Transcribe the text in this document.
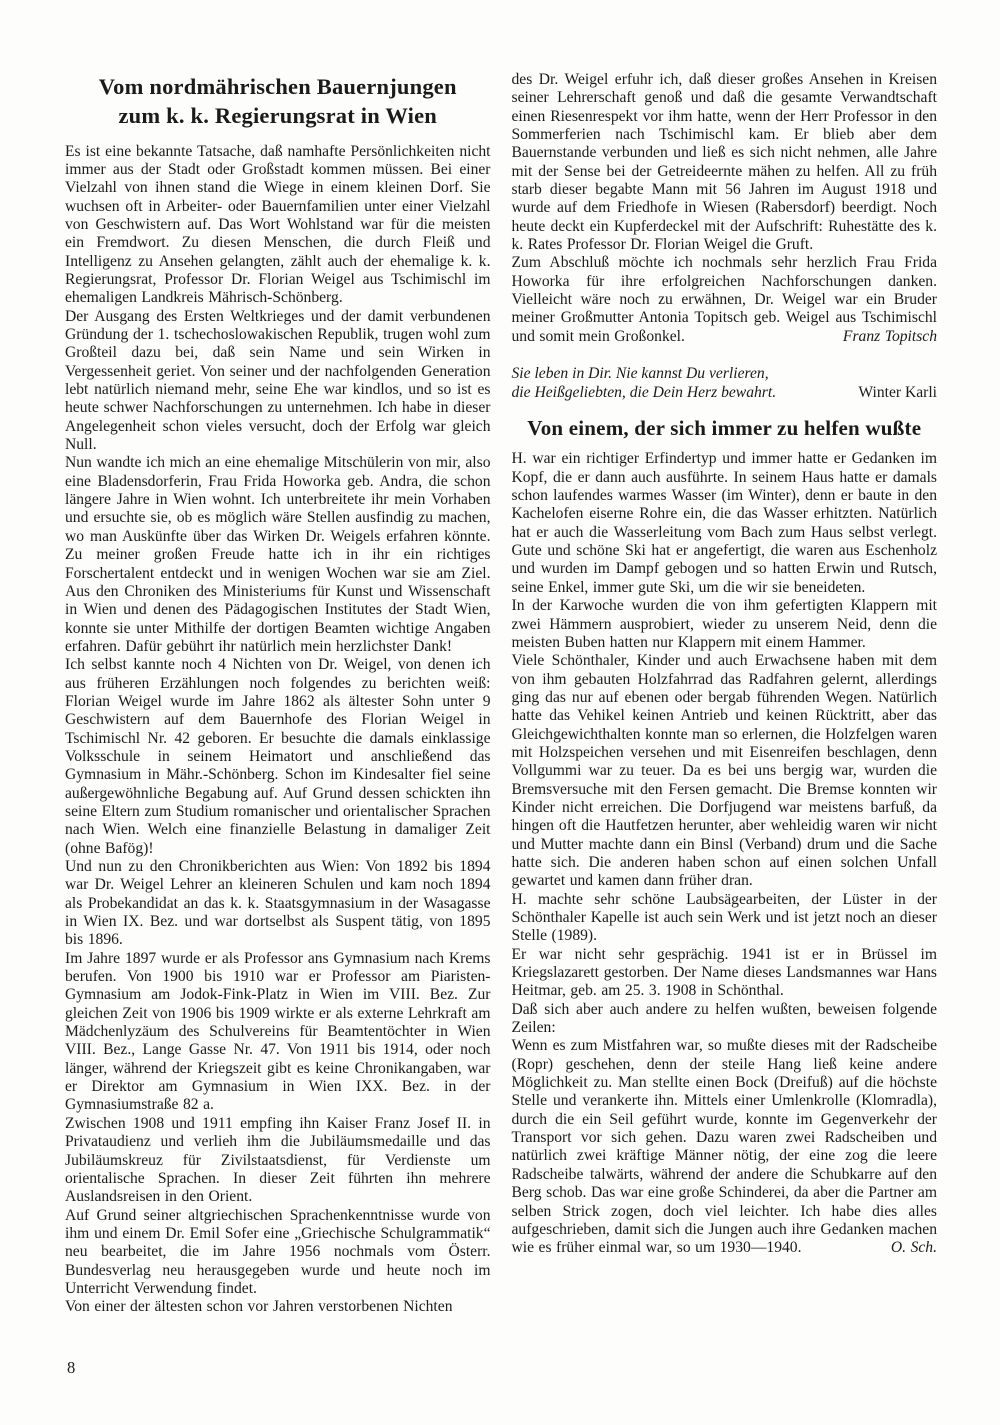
Vom nordmährischen Bauernjungen
zum k. k. Regierungsrat in Wien

Es ist eine bekannte Tatsache, daß namhafte Persönlichkeiten nicht immer aus der Stadt oder Großstadt kommen müssen. Bei einer Vielzahl von ihnen stand die Wiege in einem kleinen Dorf. Sie wuchsen oft in Arbeiter- oder Bauernfamilien unter einer Vielzahl von Geschwistern auf. Das Wort Wohlstand war für die meisten ein Fremdwort. Zu diesen Menschen, die durch Fleiß und Intelligenz zu Ansehen gelangten, zählt auch der ehemalige k. k. Regierungsrat, Professor Dr. Florian Weigel aus Tschimischl im ehemaligen Landkreis Mährisch-Schönberg.

Der Ausgang des Ersten Weltkrieges und der damit verbundenen Gründung der 1. tschechoslowakischen Republik, trugen wohl zum Großteil dazu bei, daß sein Name und sein Wirken in Vergessenheit geriet. Von seiner und der nachfolgenden Generation lebt natürlich niemand mehr, seine Ehe war kindlos, und so ist es heute schwer Nachforschungen zu unternehmen. Ich habe in dieser Angelegenheit schon vieles versucht, doch der Erfolg war gleich Null.

Nun wandte ich mich an eine ehemalige Mitschülerin von mir, also eine Bladensdorferin, Frau Frida Howorka geb. Andra, die schon längere Jahre in Wien wohnt. Ich unterbreitete ihr mein Vorhaben und ersuchte sie, ob es möglich wäre Stellen ausfindig zu machen, wo man Auskünfte über das Wirken Dr. Weigels erfahren könnte. Zu meiner großen Freude hatte ich in ihr ein richtiges Forschertalent entdeckt und in wenigen Wochen war sie am Ziel. Aus den Chroniken des Ministeriums für Kunst und Wissenschaft in Wien und denen des Pädagogischen Institutes der Stadt Wien, konnte sie unter Mithilfe der dortigen Beamten wichtige Angaben erfahren. Dafür gebührt ihr natürlich mein herzlichster Dank!

Ich selbst kannte noch 4 Nichten von Dr. Weigel, von denen ich aus früheren Erzählungen noch folgendes zu berichten weiß: Florian Weigel wurde im Jahre 1862 als ältester Sohn unter 9 Geschwistern auf dem Bauernhofe des Florian Weigel in Tschimischl Nr. 42 geboren. Er besuchte die damals einklassige Volksschule in seinem Heimatort und anschließend das Gymnasium in Mähr.-Schönberg. Schon im Kindesalter fiel seine außergewöhnliche Begabung auf. Auf Grund dessen schickten ihn seine Eltern zum Studium romanischer und orientalischer Sprachen nach Wien. Welch eine finanzielle Belastung in damaliger Zeit (ohne Bafög)!

Und nun zu den Chronikberichten aus Wien: Von 1892 bis 1894 war Dr. Weigel Lehrer an kleineren Schulen und kam noch 1894 als Probekandidat an das k. k. Staatsgymnasium in der Wasagasse in Wien IX. Bez. und war dortselbst als Suspent tätig, von 1895 bis 1896.

Im Jahre 1897 wurde er als Professor ans Gymnasium nach Krems berufen. Von 1900 bis 1910 war er Professor am Piaristen-Gymnasium am Jodok-Fink-Platz in Wien im VIII. Bez. Zur gleichen Zeit von 1906 bis 1909 wirkte er als externe Lehrkraft am Mädchenlyzäum des Schulvereins für Beamtentöchter in Wien VIII. Bez., Lange Gasse Nr. 47. Von 1911 bis 1914, oder noch länger, während der Kriegszeit gibt es keine Chronikangaben, war er Direktor am Gymnasium in Wien IXX. Bez. in der Gymnasiumstraße 82 a.

Zwischen 1908 und 1911 empfing ihn Kaiser Franz Josef II. in Privataudienz und verlieh ihm die Jubiläumsmedaille und das Jubiläumskreuz für Zivilstaatsdienst, für Verdienste um orientalische Sprachen. In dieser Zeit führten ihn mehrere Auslandsreisen in den Orient.

Auf Grund seiner altgriechischen Sprachenkenntnisse wurde von ihm und einem Dr. Emil Sofer eine „Griechische Schulgrammatik“ neu bearbeitet, die im Jahre 1956 nochmals vom Österr. Bundesverlag neu herausgegeben wurde und heute noch im Unterricht Verwendung findet.

Von einer der ältesten schon vor Jahren verstorbenen Nichten

des Dr. Weigel erfuhr ich, daß dieser großes Ansehen in Kreisen seiner Lehrerschaft genoß und daß die gesamte Verwandtschaft einen Riesenrespekt vor ihm hatte, wenn der Herr Professor in den Sommerferien nach Tschimischl kam. Er blieb aber dem Bauernstande verbunden und ließ es sich nicht nehmen, alle Jahre mit der Sense bei der Getreideernte mähen zu helfen. All zu früh starb dieser begabte Mann mit 56 Jahren im August 1918 und wurde auf dem Friedhofe in Wiesen (Rabersdorf) beerdigt. Noch heute deckt ein Kupferdeckel mit der Aufschrift: Ruhestätte des k. k. Rates Professor Dr. Florian Weigel die Gruft.

Zum Abschluß möchte ich nochmals sehr herzlich Frau Frida Howorka für ihre erfolgreichen Nachforschungen danken. Vielleicht wäre noch zu erwähnen, Dr. Weigel war ein Bruder meiner Großmutter Antonia Topitsch geb. Weigel aus Tschimischl und somit mein Großonkel.	Franz Topitsch

Sie leben in Dir. Nie kannst Du verlieren,
die Heißgeliebten, die Dein Herz bewahrt.	Winter Karli
Von einem, der sich immer zu helfen wußte

H. war ein richtiger Erfindertyp und immer hatte er Gedanken im Kopf, die er dann auch ausführte. In seinem Haus hatte er damals schon laufendes warmes Wasser (im Winter), denn er baute in den Kachelofen eiserne Rohre ein, die das Wasser erhitzten. Natürlich hat er auch die Wasserleitung vom Bach zum Haus selbst verlegt. Gute und schöne Ski hat er angefertigt, die waren aus Eschenholz und wurden im Dampf gebogen und so hatten Erwin und Rutsch, seine Enkel, immer gute Ski, um die wir sie beneideten.

In der Karwoche wurden die von ihm gefertigten Klappern mit zwei Hämmern ausprobiert, wieder zu unserem Neid, denn die meisten Buben hatten nur Klappern mit einem Hammer.

Viele Schönthaler, Kinder und auch Erwachsene haben mit dem von ihm gebauten Holzfahrrad das Radfahren gelernt, allerdings ging das nur auf ebenen oder bergab führenden Wegen. Natürlich hatte das Vehikel keinen Antrieb und keinen Rücktritt, aber das Gleichgewichthalten konnte man so erlernen, die Holzfelgen waren mit Holzspeichen versehen und mit Eisenreifen beschlagen, denn Vollgummi war zu teuer. Da es bei uns bergig war, wurden die Bremsversuche mit den Fersen gemacht. Die Bremse konnten wir Kinder nicht erreichen. Die Dorfjugend war meistens barfuß, da hingen oft die Hautfetzen herunter, aber wehleidig waren wir nicht und Mutter machte dann ein Binsl (Verband) drum und die Sache hatte sich. Die anderen haben schon auf einen solchen Unfall gewartet und kamen dann früher dran.

H. machte sehr schöne Laubsägearbeiten, der Lüster in der Schönthaler Kapelle ist auch sein Werk und ist jetzt noch an dieser Stelle (1989).

Er war nicht sehr gesprächig. 1941 ist er in Brüssel im Kriegslazarett gestorben. Der Name dieses Landsmannes war Hans Heitmar, geb. am 25. 3. 1908 in Schönthal.

Daß sich aber auch andere zu helfen wußten, beweisen folgende Zeilen:

Wenn es zum Mistfahren war, so mußte dieses mit der Radscheibe (Ropr) geschehen, denn der steile Hang ließ keine andere Möglichkeit zu. Man stellte einen Bock (Dreifuß) auf die höchste Stelle und verankerte ihn. Mittels einer Umlenkrolle (Klomradla), durch die ein Seil geführt wurde, konnte im Gegenverkehr der Transport vor sich gehen. Dazu waren zwei Radscheiben und natürlich zwei kräftige Männer nötig, der eine zog die leere Radscheibe talwärts, während der andere die Schubkarre auf den Berg schob. Das war eine große Schinderei, da aber die Partner am selben Strick zogen, doch viel leichter. Ich habe dies alles aufgeschrieben, damit sich die Jungen auch ihre Gedanken machen wie es früher einmal war, so um 1930—1940.	O. Sch.

8
